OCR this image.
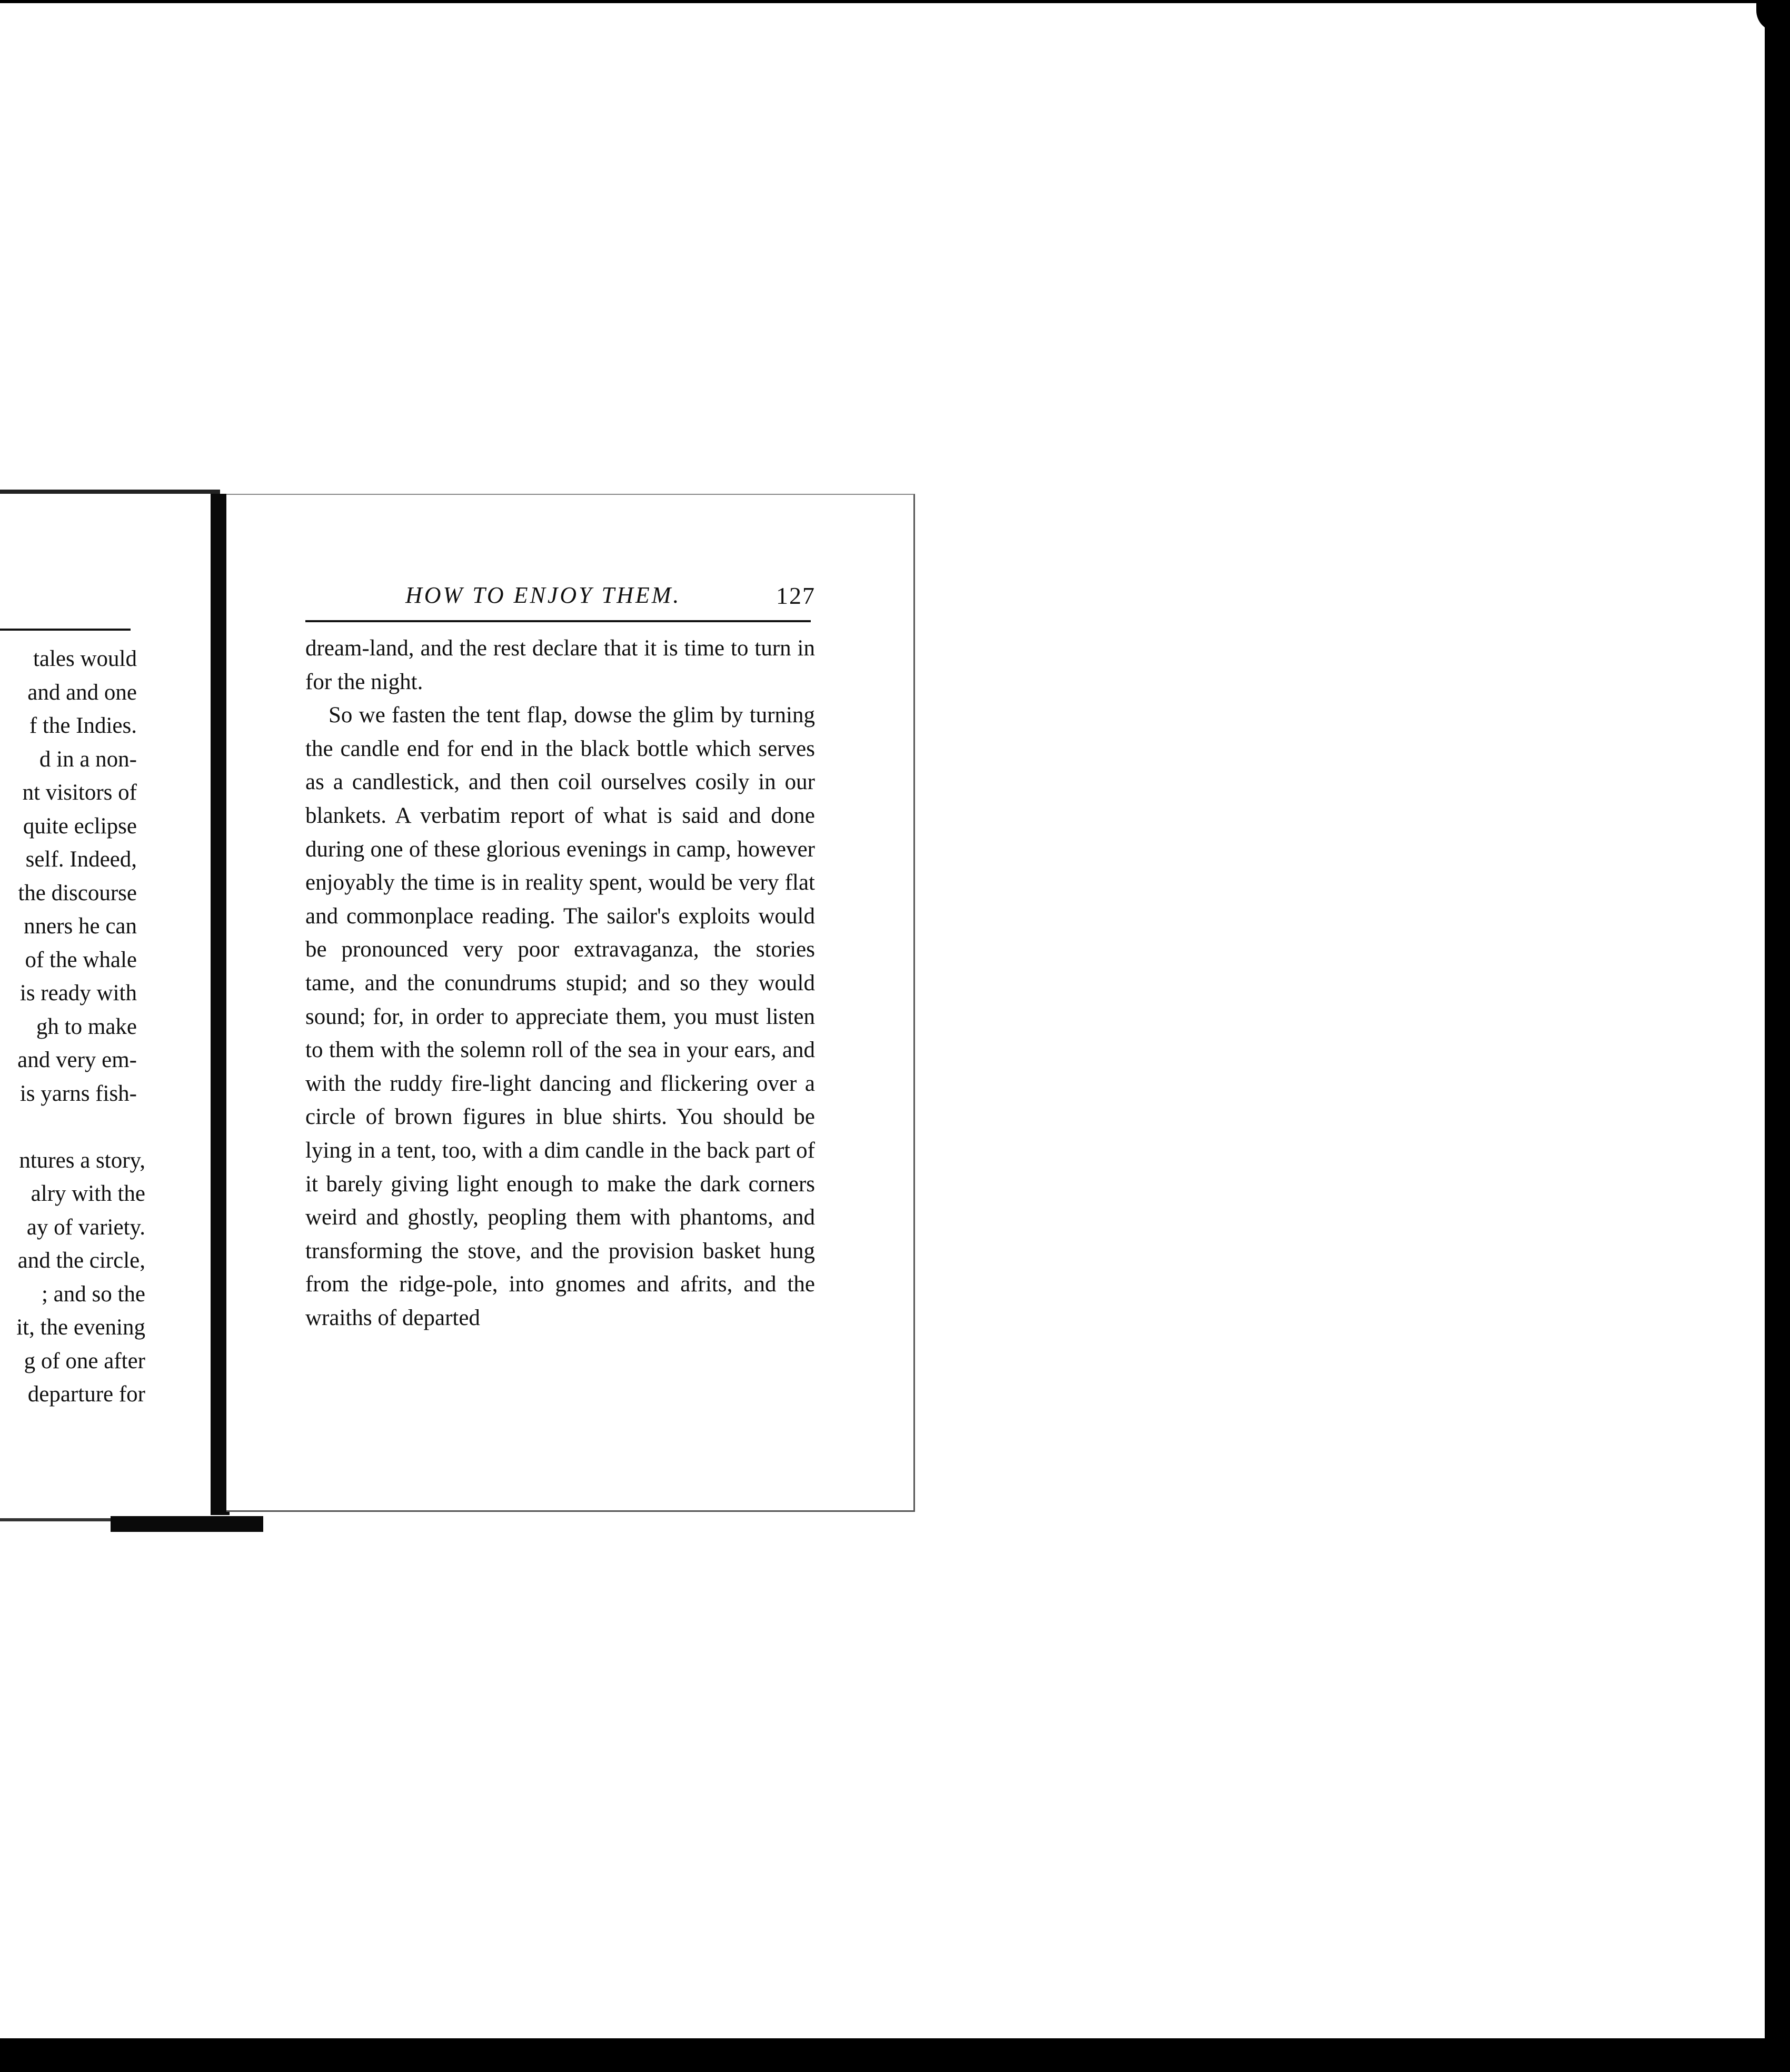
tales would
and and one
f the Indies.
d in a non-
nt visitors of
quite eclipse
self. Indeed,
the discourse
nners he can
of the whale
is ready with
gh to make
and very em-
is yarns fish-
ntures a story,
alry with the
ay of variety.
and the circle,
; and so the
it, the evening
g of one after
departure for
HOW TO ENJOY THEM.	127

dream-land, and the rest declare that it is time to turn in for the night.

So we fasten the tent flap, dowse the glim by turning the candle end for end in the black bottle which serves as a candlestick, and then coil ourselves cosily in our blankets. A verbatim report of what is said and done during one of these glorious evenings in camp, however enjoyably the time is in reality spent, would be very flat and commonplace reading. The sailor's exploits would be pronounced very poor extravaganza, the stories tame, and the conundrums stupid; and so they would sound; for, in order to appreciate them, you must listen to them with the solemn roll of the sea in your ears, and with the ruddy fire-light dancing and flickering over a circle of brown figures in blue shirts. You should be lying in a tent, too, with a dim candle in the back part of it barely giving light enough to make the dark corners weird and ghostly, peopling them with phantoms, and transforming the stove, and the provision basket hung from the ridge-pole, into gnomes and afrits, and the wraiths of departed
